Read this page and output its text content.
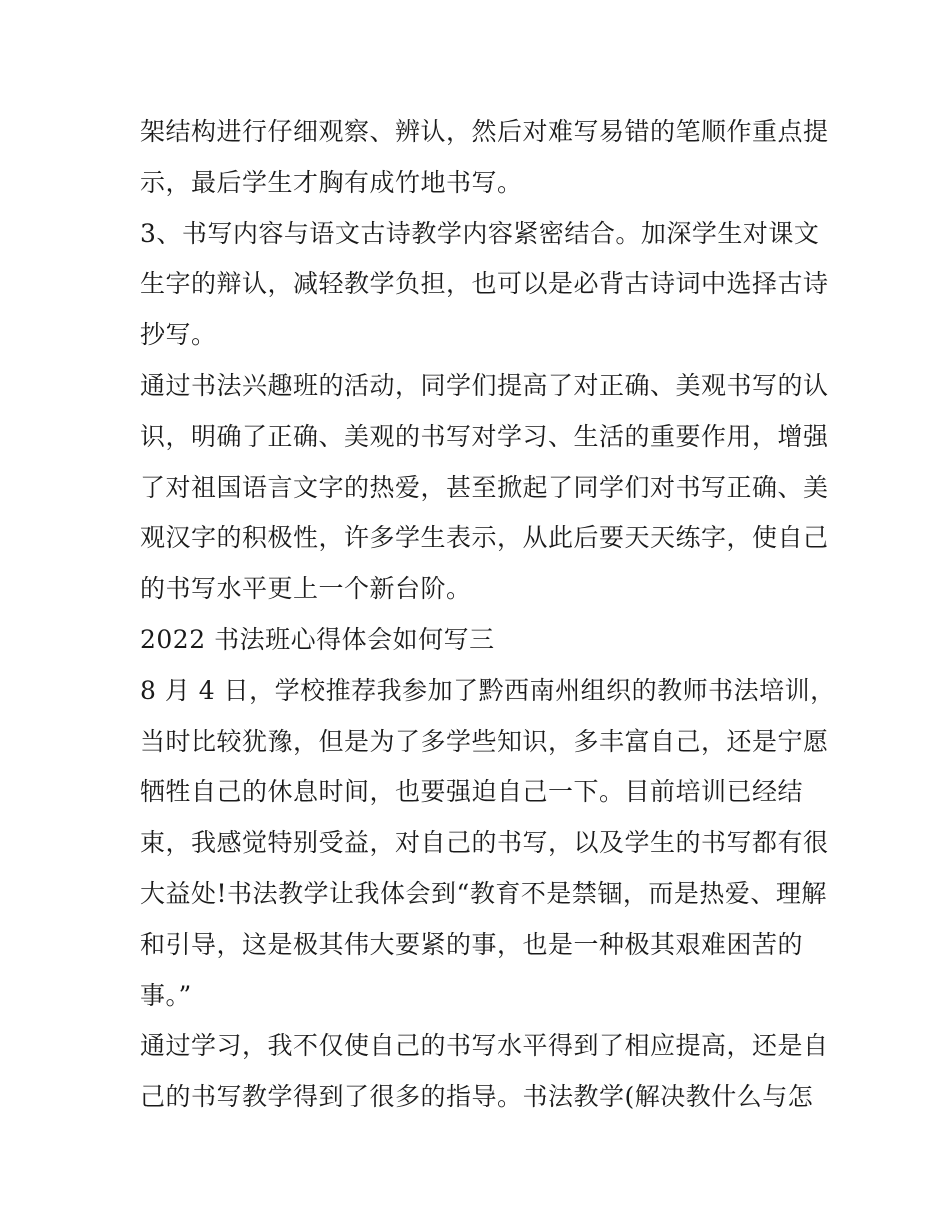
架结构进行仔细观察、辨认，然后对难写易错的笔顺作重点提
示，最后学生才胸有成竹地书写。
3、书写内容与语文古诗教学内容紧密结合。加深学生对课文
生字的辩认，减轻教学负担，也可以是必背古诗词中选择古诗
抄写。
通过书法兴趣班的活动，同学们提高了对正确、美观书写的认
识，明确了正确、美观的书写对学习、生活的重要作用，增强
了对祖国语言文字的热爱，甚至掀起了同学们对书写正确、美
观汉字的积极性，许多学生表示，从此后要天天练字，使自己
的书写水平更上一个新台阶。
2022 书法班心得体会如何写三
8 月 4 日，学校推荐我参加了黔西南州组织的教师书法培训，
当时比较犹豫，但是为了多学些知识，多丰富自己，还是宁愿
牺牲自己的休息时间，也要强迫自己一下。目前培训已经结
束，我感觉特别受益，对自己的书写，以及学生的书写都有很
大益处!书法教学让我体会到“教育不是禁锢，而是热爱、理解
和引导，这是极其伟大要紧的事，也是一种极其艰难困苦的
事。”
通过学习，我不仅使自己的书写水平得到了相应提高，还是自
己的书写教学得到了很多的指导。书法教学(解决教什么与怎
